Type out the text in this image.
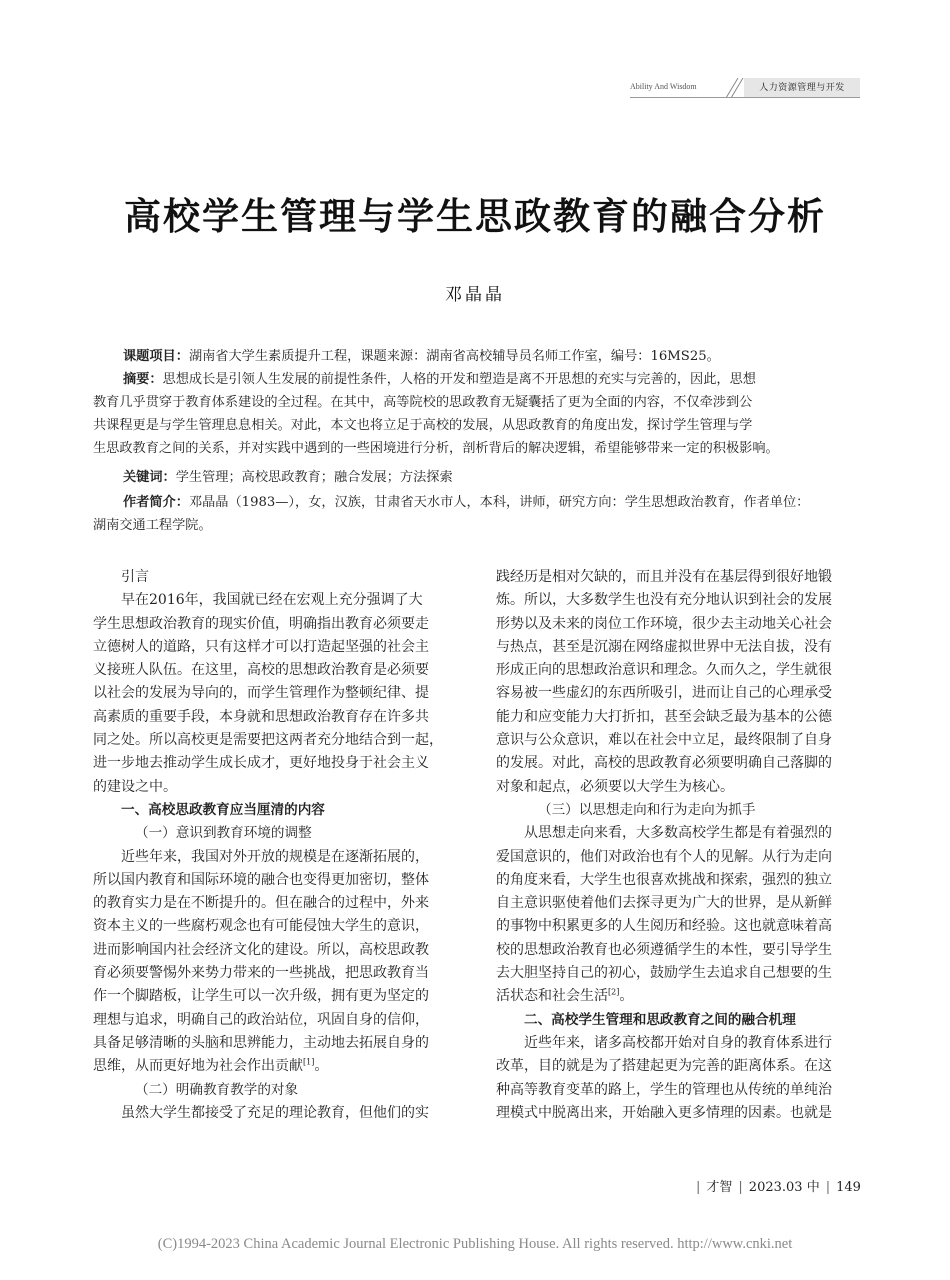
Ability And Wisdom	人力资源管理与开发
高校学生管理与学生思政教育的融合分析
邓晶晶

课题项目：湖南省大学生素质提升工程，课题来源：湖南省高校辅导员名师工作室，编号：16MS25。

摘要：思想成长是引领人生发展的前提性条件，人格的开发和塑造是离不开思想的充实与完善的，因此，思想

教育几乎贯穿于教育体系建设的全过程。在其中，高等院校的思政教育无疑囊括了更为全面的内容，不仅牵涉到公

共课程更是与学生管理息息相关。对此，本文也将立足于高校的发展，从思政教育的角度出发，探讨学生管理与学

生思政教育之间的关系，并对实践中遇到的一些困境进行分析，剖析背后的解决逻辑，希望能够带来一定的积极影响。

关键词：学生管理；高校思政教育；融合发展；方法探索

作者简介：邓晶晶（1983—），女，汉族，甘肃省天水市人，本科，讲师，研究方向：学生思想政治教育，作者单位：

湖南交通工程学院。

引言
早在2016年，我国就已经在宏观上充分强调了大
学生思想政治教育的现实价值，明确指出教育必须要走
立德树人的道路，只有这样才可以打造起坚强的社会主
义接班人队伍。在这里，高校的思想政治教育是必须要
以社会的发展为导向的，而学生管理作为整顿纪律、提
高素质的重要手段，本身就和思想政治教育存在许多共
同之处。所以高校更是需要把这两者充分地结合到一起，
进一步地去推动学生成长成才，更好地投身于社会主义
的建设之中。
一、高校思政教育应当厘清的内容
（一）意识到教育环境的调整
近些年来，我国对外开放的规模是在逐渐拓展的，
所以国内教育和国际环境的融合也变得更加密切，整体
的教育实力是在不断提升的。但在融合的过程中，外来
资本主义的一些腐朽观念也有可能侵蚀大学生的意识，
进而影响国内社会经济文化的建设。所以，高校思政教
育必须要警惕外来势力带来的一些挑战，把思政教育当
作一个脚踏板，让学生可以一次升级，拥有更为坚定的
理想与追求，明确自己的政治站位，巩固自身的信仰，
具备足够清晰的头脑和思辨能力，主动地去拓展自身的
思维，从而更好地为社会作出贡献[1]。
（二）明确教育教学的对象
虽然大学生都接受了充足的理论教育，但他们的实
践经历是相对欠缺的，而且并没有在基层得到很好地锻
炼。所以，大多数学生也没有充分地认识到社会的发展
形势以及未来的岗位工作环境，很少去主动地关心社会
与热点，甚至是沉溺在网络虚拟世界中无法自拔，没有
形成正向的思想政治意识和理念。久而久之，学生就很
容易被一些虚幻的东西所吸引，进而让自己的心理承受
能力和应变能力大打折扣，甚至会缺乏最为基本的公德
意识与公众意识，难以在社会中立足，最终限制了自身
的发展。对此，高校的思政教育必须要明确自己落脚的
对象和起点，必须要以大学生为核心。
（三）以思想走向和行为走向为抓手
从思想走向来看，大多数高校学生都是有着强烈的
爱国意识的，他们对政治也有个人的见解。从行为走向
的角度来看，大学生也很喜欢挑战和探索，强烈的独立
自主意识驱使着他们去探寻更为广大的世界，是从新鲜
的事物中积累更多的人生阅历和经验。这也就意味着高
校的思想政治教育也必须遵循学生的本性，要引导学生
去大胆坚持自己的初心，鼓励学生去追求自己想要的生
活状态和社会生活[2]。
二、高校学生管理和思政教育之间的融合机理
近些年来，诸多高校都开始对自身的教育体系进行
改革，目的就是为了搭建起更为完善的距离体系。在这
种高等教育变革的路上，学生的管理也从传统的单纯治
理模式中脱离出来，开始融入更多情理的因素。也就是
| 才智 | 2023.03 中 | 149
(C)1994-2023 China Academic Journal Electronic Publishing House. All rights reserved. http://www.cnki.net
